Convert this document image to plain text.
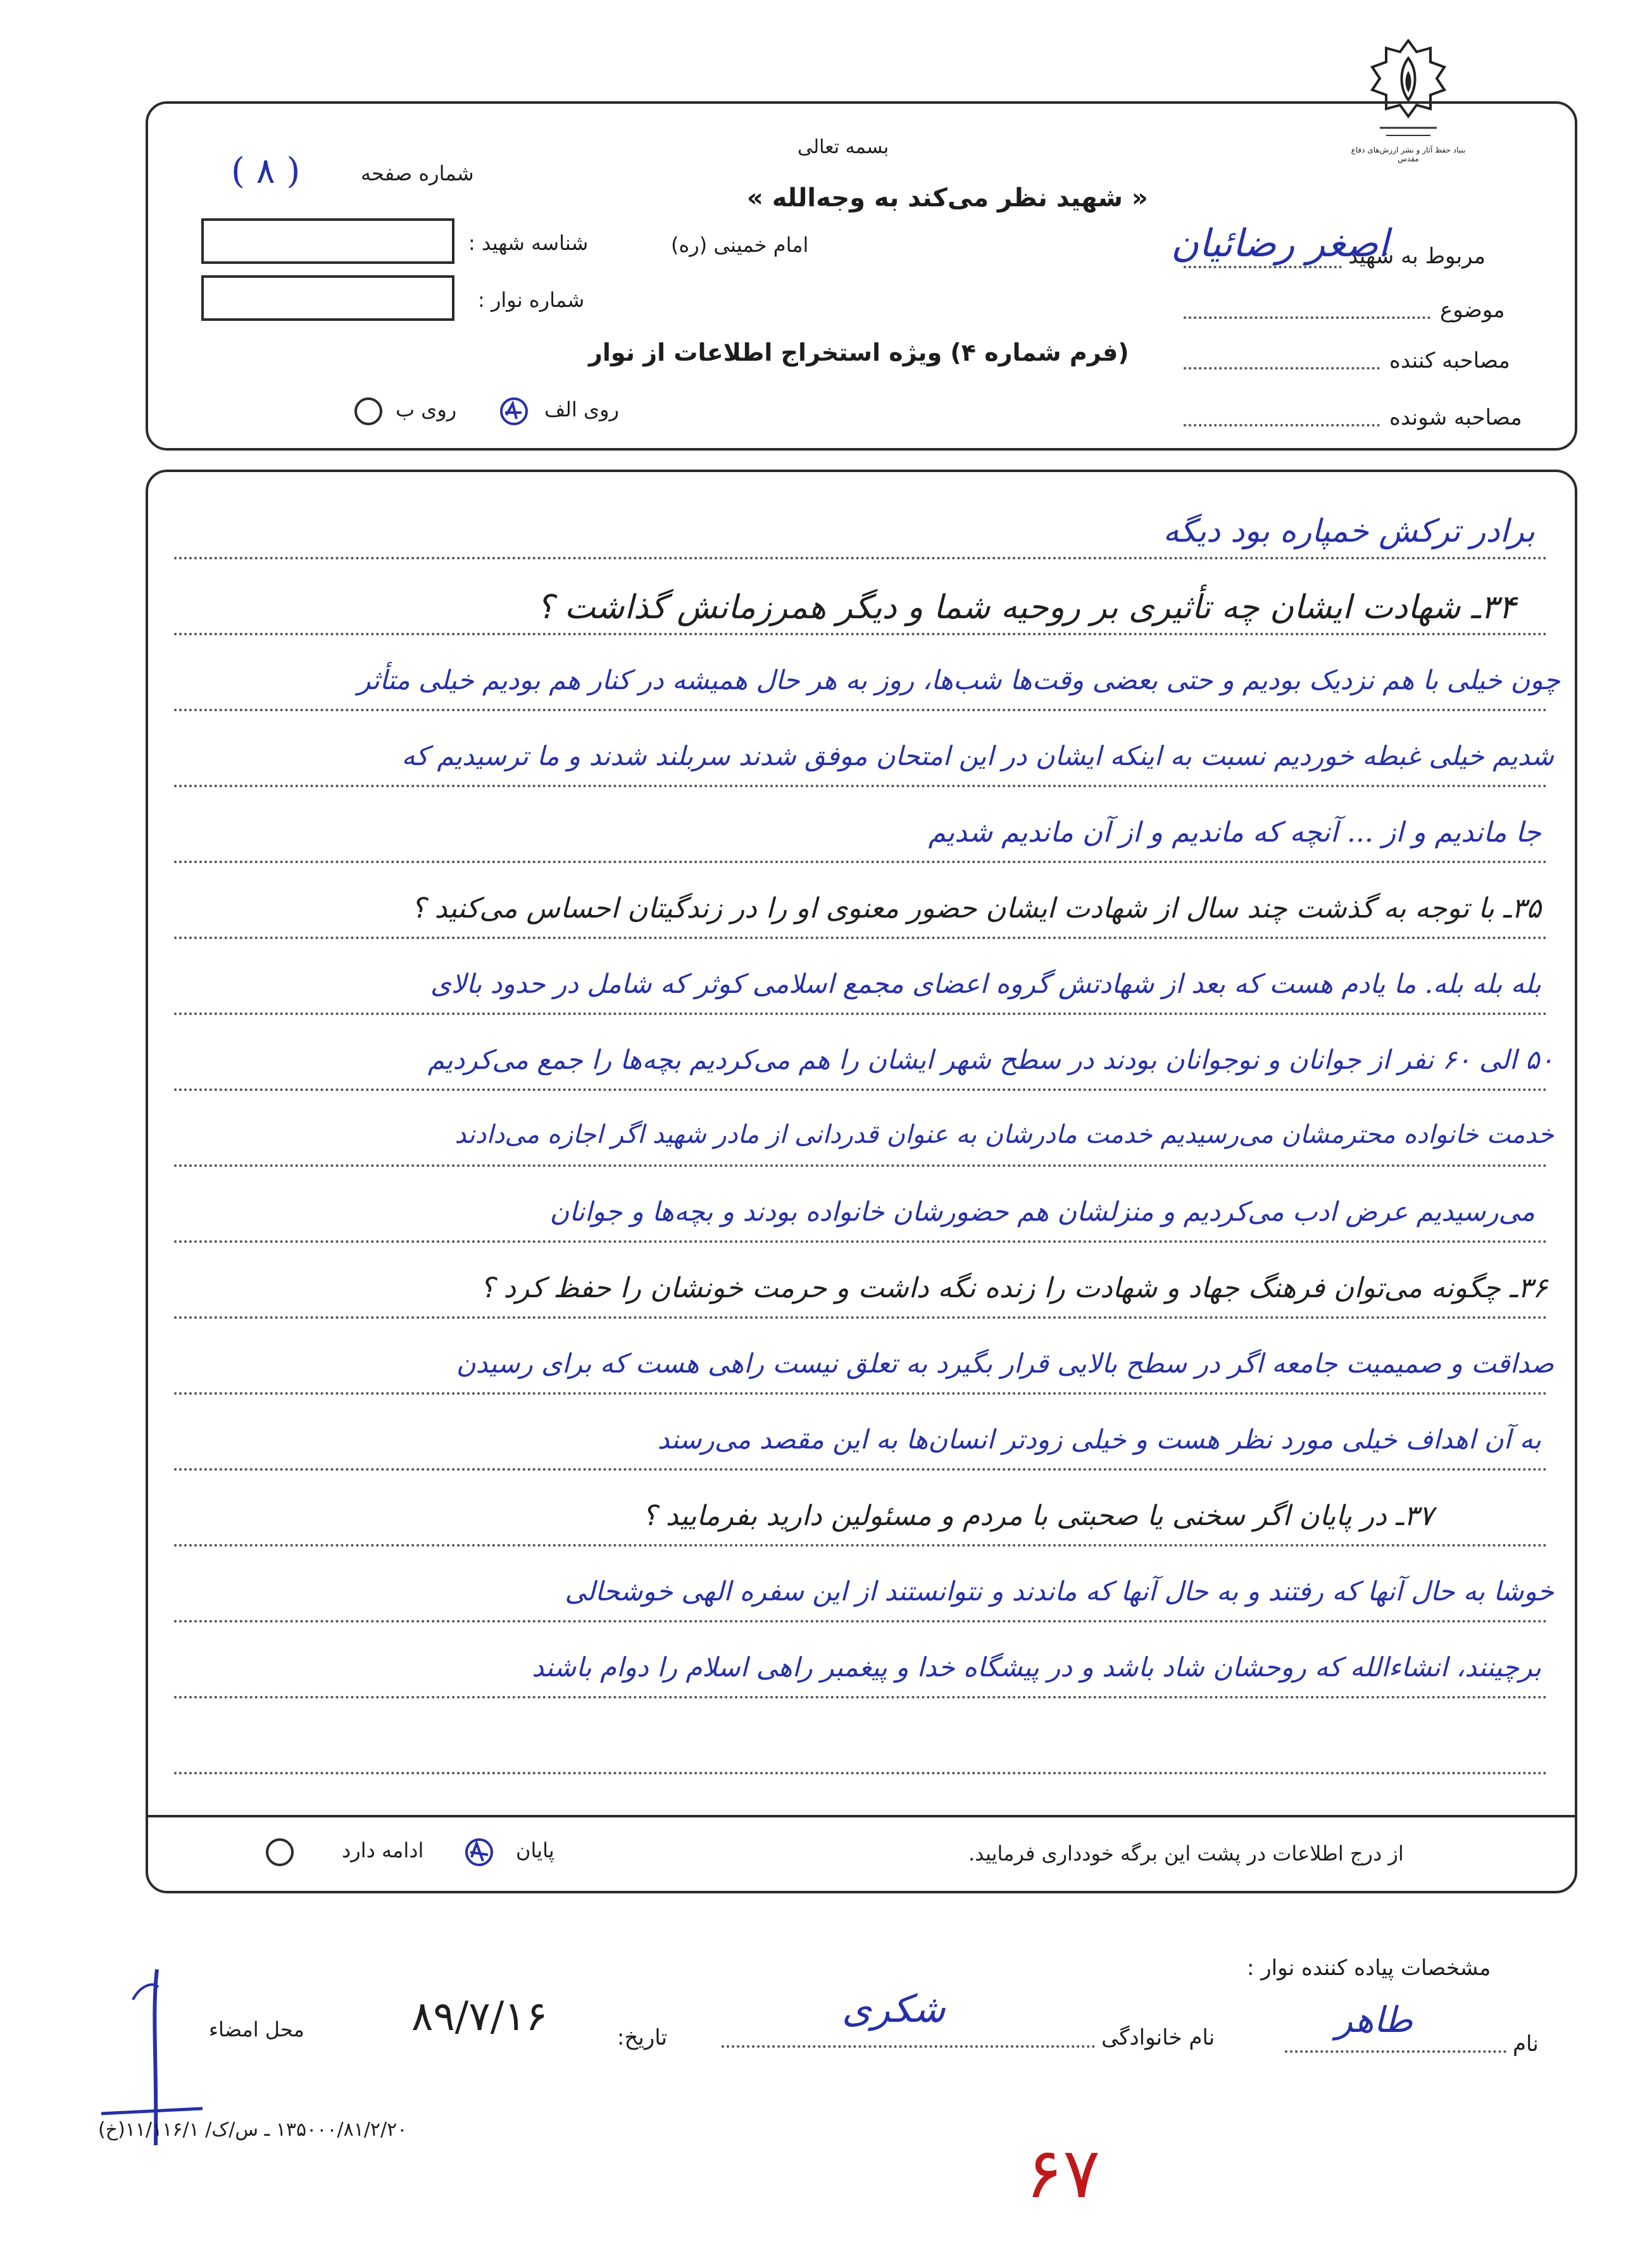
بنیاد حفظ آثار و نشر ارزش‌های دفاع مقدس
بسمه تعالی
« شهید نظر می‌کند به وجه‌الله »
امام خمینی (ره)
(فرم شماره ۴) ویژه استخراج اطلاعات از نوار
شماره صفحه
( ۸ )
شناسه شهید :
شماره نوار :
روی الف
روی ب
مربوط به شهید
اصغر رضائیان
موضوع
مصاحبه کننده
مصاحبه شونده
برادر ترکش خمپاره بود دیگه
۳۴ـ شهادت ایشان چه تأثیری بر روحیه شما و دیگر همرزمانش گذاشت ؟
چون خیلی با هم نزدیک بودیم و حتی بعضی وقت‌ها شب‌ها، روز به هر حال همیشه در کنار هم بودیم خیلی متأثر
شدیم خیلی غبطه خوردیم نسبت به اینکه ایشان در این امتحان موفق شدند سربلند شدند و ما ترسیدیم که
جا ماندیم و از ... آنچه که ماندیم و از آن ماندیم شدیم
۳۵ـ با توجه به گذشت چند سال از شهادت ایشان حضور معنوی او را در زندگیتان احساس می‌کنید ؟
بله بله بله. ما یادم هست که بعد از شهادتش گروه اعضای مجمع اسلامی کوثر که شامل در حدود بالای
۵۰ الی ۶۰ نفر از جوانان و نوجوانان بودند در سطح شهر ایشان را هم می‌کردیم بچه‌ها را جمع می‌کردیم
خدمت خانواده محترمشان می‌رسیدیم خدمت مادرشان به عنوان قدردانی از مادر شهید اگر اجازه می‌دادند
می‌رسیدیم عرض ادب می‌کردیم و منزلشان هم حضورشان خانواده بودند و بچه‌ها و جوانان
۳۶ـ چگونه می‌توان فرهنگ جهاد و شهادت را زنده نگه داشت و حرمت خونشان را حفظ کرد ؟
صداقت و صمیمیت جامعه اگر در سطح بالایی قرار بگیرد به تعلق نیست راهی هست که برای رسیدن
به آن اهداف خیلی مورد نظر هست و خیلی زودتر انسان‌ها به این مقصد می‌رسند
۳۷ـ در پایان اگر سخنی یا صحبتی با مردم و مسئولین دارید بفرمایید ؟
خوشا به حال آنها که رفتند و به حال آنها که ماندند و نتوانستند از این سفره الهی خوشحالی
برچینند، انشاءالله که روحشان شاد باشد و در پیشگاه خدا و پیغمبر راهی اسلام را دوام باشند
از درج اطلاعات در پشت این برگه خودداری فرمایید.
پایان
ادامه دارد
مشخصات پیاده کننده نوار :
نام
طاهر
نام خانوادگی
شکری
تاریخ:
۸۹/۷/۱۶
محل امضاء
(خ)۱۳۵۰۰۰/۸۱/۲/۲۰ ـ س/ک/ ۱۱/۱۱۶/۱
۶۷
